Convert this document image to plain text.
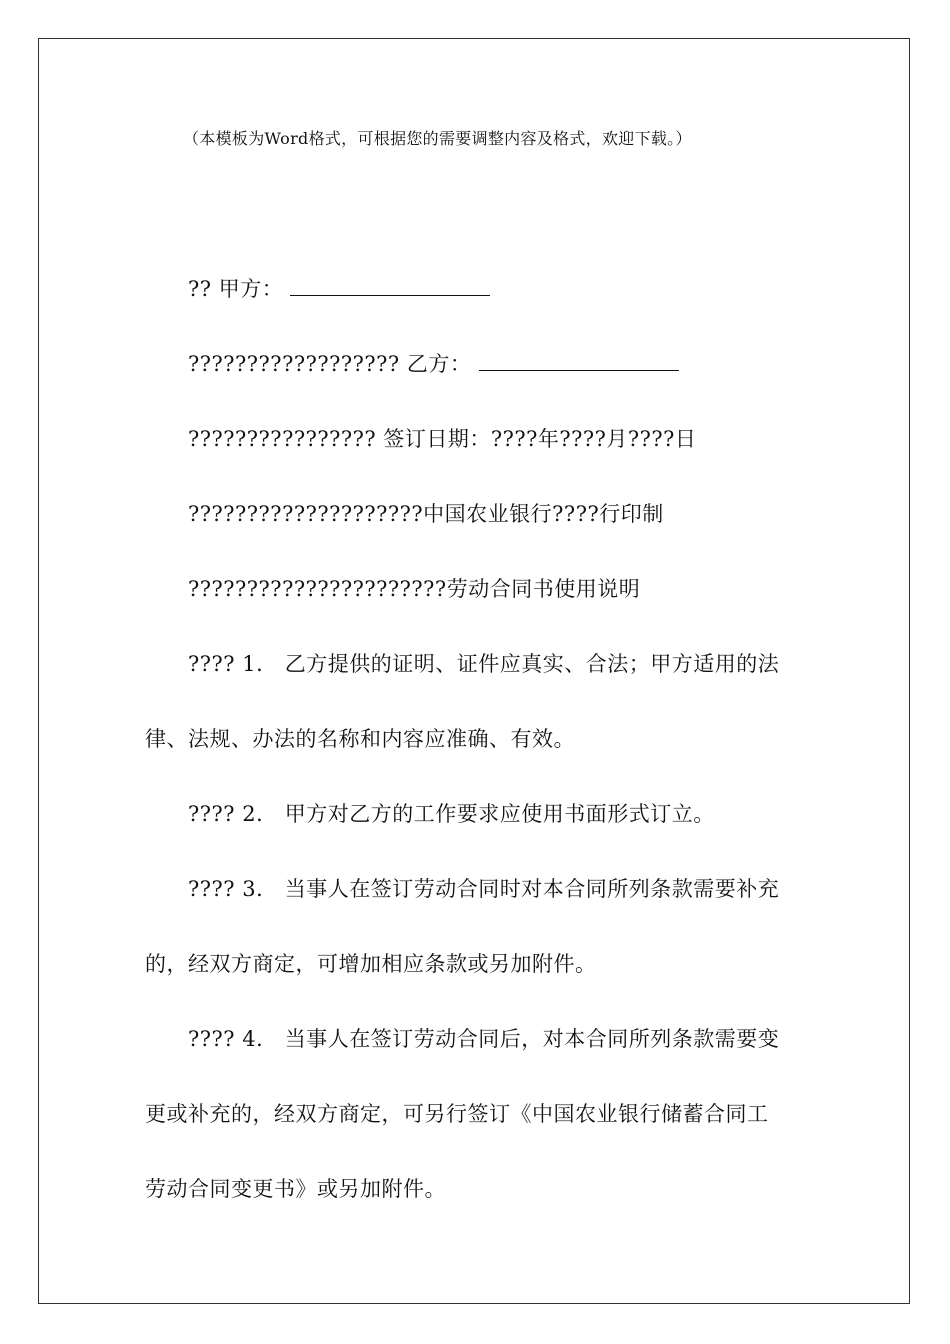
（本模板为Word格式，可根据您的需要调整内容及格式，欢迎下载。）
?? 甲方：
?????????????????? 乙方：
???????????????? 签订日期：????年????月????日
????????????????????中国农业银行????行印制
??????????????????????劳动合同书使用说明
???? 1． 乙方提供的证明、证件应真实、合法；甲方适用的法
律、法规、办法的名称和内容应准确、有效。
???? 2． 甲方对乙方的工作要求应使用书面形式订立。
???? 3． 当事人在签订劳动合同时对本合同所列条款需要补充
的，经双方商定，可增加相应条款或另加附件。
???? 4． 当事人在签订劳动合同后，对本合同所列条款需要变
更或补充的，经双方商定，可另行签订《中国农业银行储蓄合同工
劳动合同变更书》或另加附件。
